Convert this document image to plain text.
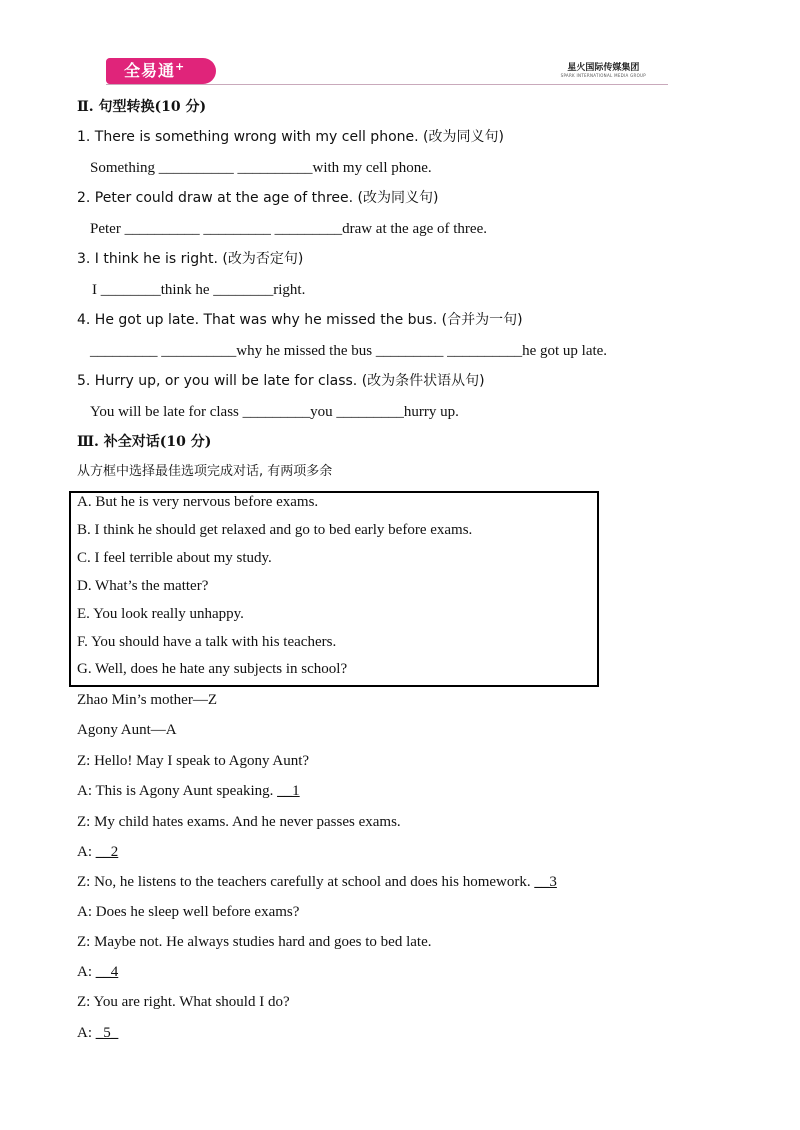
全易通+	星火国际传媒集团
SPARK INTERNATIONAL MEDIA GROUP
Ⅱ. 句型转换(10 分)
1. There is something wrong with my cell phone. (改为同义句)
Something __________ __________with my cell phone.
2. Peter could draw at the age of three. (改为同义句)
Peter __________ _________ _________draw at the age of three.
3. I think he is right. (改为否定句)
I ________think he ________right.
4. He got up late. That was why he missed the bus. (合并为一句)
_________ __________why he missed the bus _________ __________he got up late.
5. Hurry up, or you will be late for class. (改为条件状语从句)
You will be late for class _________you _________hurry up.
Ⅲ. 补全对话(10 分)
从方框中选择最佳选项完成对话, 有两项多余
A. But he is very nervous before exams.
B. I think he should get relaxed and go to bed early before exams.
C. I feel terrible about my study.
D. What’s the matter?
E. You look really unhappy.
F. You should have a talk with his teachers.
G. Well, does he hate any subjects in school?
Zhao Min’s mother—Z
Agony Aunt—A
Z: Hello! May I speak to Agony Aunt?
A: This is Agony Aunt speaking. __1
Z: My child hates exams. And he never passes exams.
A: __2
Z: No, he listens to the teachers carefully at school and does his homework. __3
A: Does he sleep well before exams?
Z: Maybe not. He always studies hard and goes to bed late.
A: __4
Z: You are right. What should I do?
A: _5_
